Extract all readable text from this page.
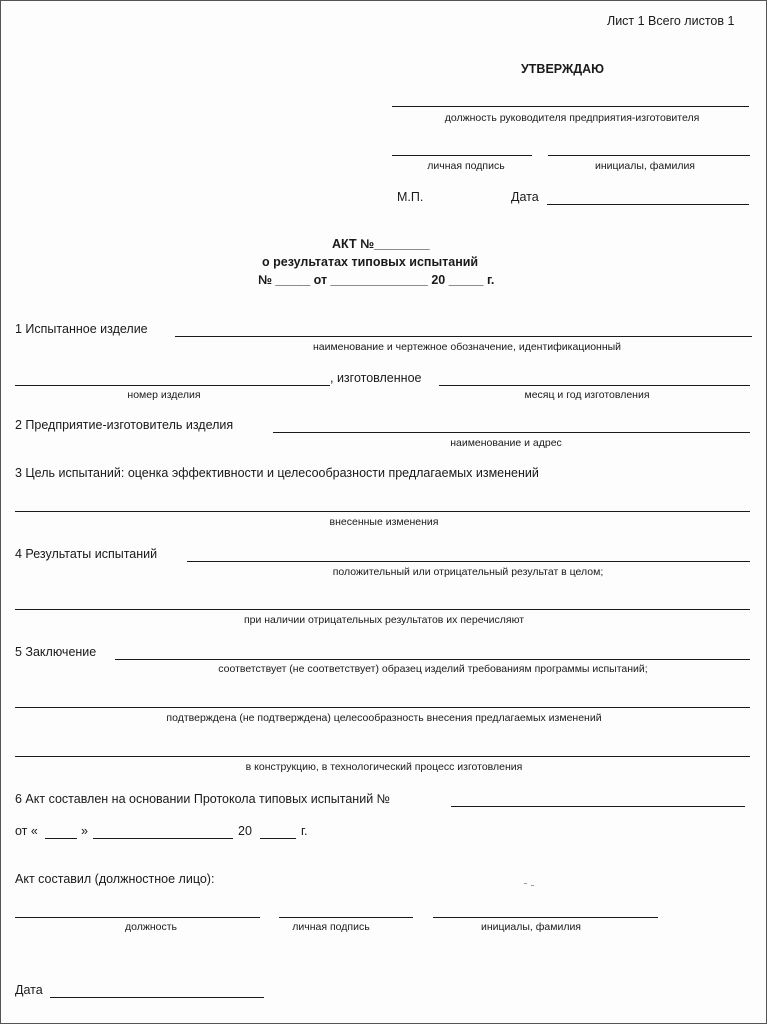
Лист 1 Всего листов 1
УТВЕРЖДАЮ
должность руководителя предприятия-изготовителя
личная подпись	инициалы, фамилия
М.П.	Дата
АКТ №________
о результатах типовых испытаний
№ _____ от ______________ 20 _____ г.
1 Испытанное изделие
наименование и чертежное обозначение, идентификационный
, изготовленное
номер изделия	месяц и год изготовления
2 Предприятие-изготовитель изделия
наименование и адрес
3 Цель испытаний: оценка эффективности и целесообразности предлагаемых изменений
внесенные изменения
4 Результаты испытаний
положительный или отрицательный результат в целом;
при наличии отрицательных результатов их перечисляют
5 Заключение
соответствует (не соответствует) образец изделий требованиям программы испытаний;
подтверждена (не подтверждена) целесообразность внесения предлагаемых изменений
в конструкцию, в технологический процесс изготовления
6 Акт составлен на основании Протокола типовых испытаний №
от «	»	20	г.
Акт составил (должностное лицо):
должность	личная подпись	инициалы, фамилия
Дата
